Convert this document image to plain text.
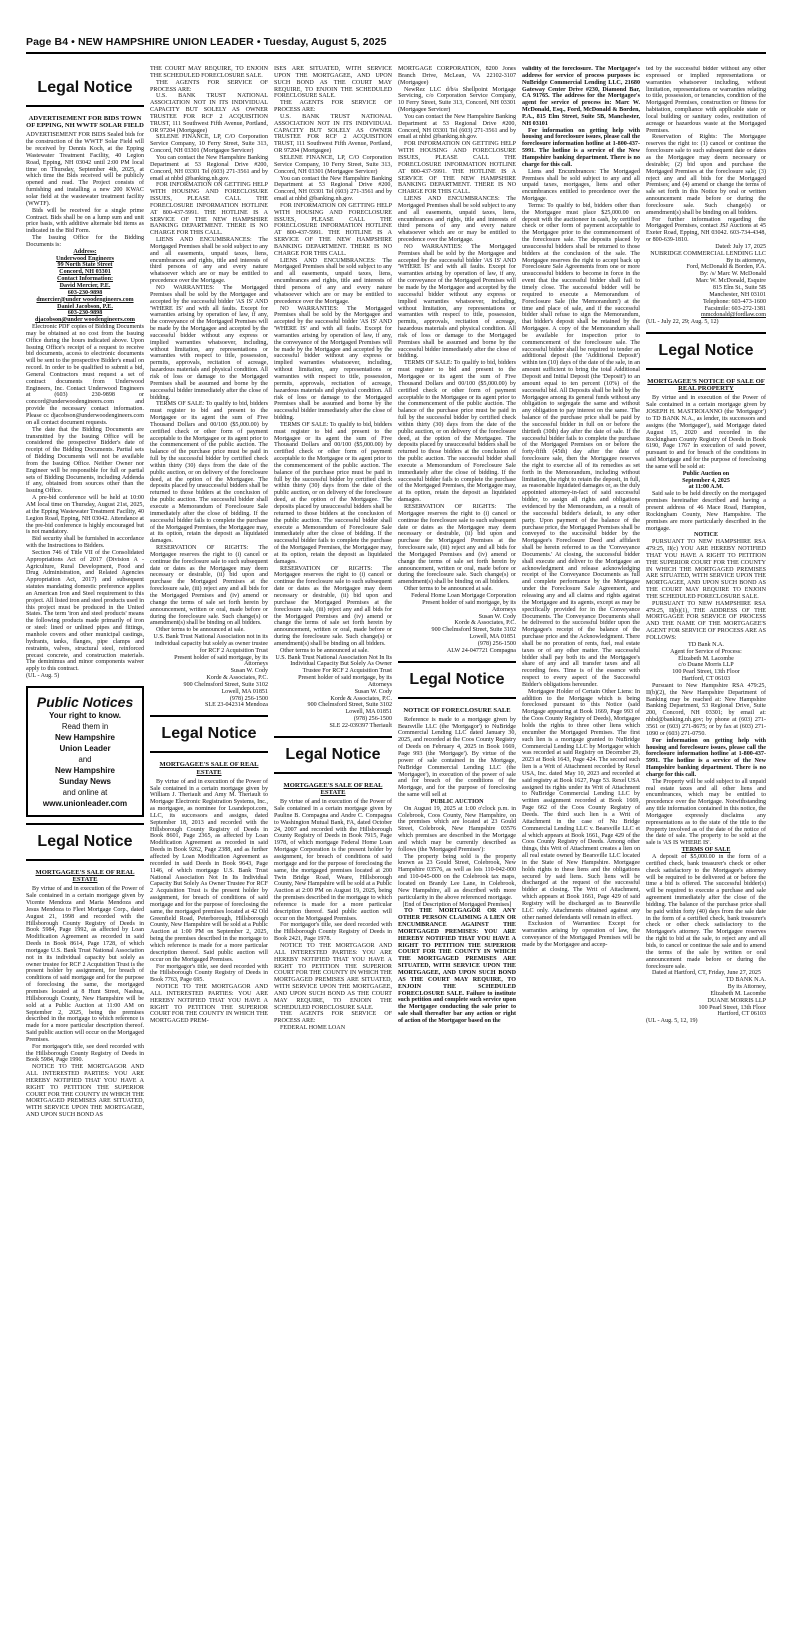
Page B4 • NEW HAMPSHIRE UNION LEADER • Tuesday, August 5, 2025
Legal Notice
ADVERTISEMENT FOR BIDS TOWN OF EPPING, NH WWTF SOLAR FIELD

ADVERTISEMENT FOR BIDS Sealed bids for the construction of the WWTF Solar Field will be received by Dennis Koch, at the Epping Wastewater Treatment Facility, 40 Legion Road, Epping, NH 03042 until 2:00 PM local time on Thursday, September 4th, 2025, at which time the Bids received will be publicly opened and read. The Project consists of furnishing and installing a new 200 KWAC solar field at the wastewater treatment facility (WWTF).

Bids will be received for a single prime Contract. Bids shall be on a lump sum and unit price basis, with additive alternate bid items as indicated in the Bid Form.

The Issuing Office for the Bidding Documents is:

Address:
Underwood Engineers
99 North State Street
Concord, NH 03301
Contact Information:
David Mercier, P.E.
603-230-9898
dmercier@under woodengineers.com
Daniel Jacobson, P.E.
603-230-9898
djacobson@under woodengineers.com

Electronic PDF copies of Bidding Documents may be obtained at no cost from the Issuing Office during the hours indicated above. Upon Issuing Office's receipt of a request to receive bid documents, access to electronic documents will be sent to the prospective Bidder's email on record. In order to be qualified to submit a bid, General Contractors must request a set of contract documents from Underwood Engineers, Inc. Contact Underwood Engineers at (603) 230-9898 or concord@underwoodengineers.com and provide the necessary contact information. Please cc djacobson@underwoodengineers.com on all contact document requests.

The date that the Bidding Documents are transmitted by the Issuing Office will be considered the prospective Bidder's date of receipt of the Bidding Documents. Partial sets of Bidding Documents will not be available from the Issuing Office. Neither Owner nor Engineer will be responsible for full or partial sets of Bidding Documents, including Addenda if any, obtained from sources other than the Issuing Office.

A pre-bid conference will be held at 10:00 AM local time on Thursday, August 21st, 2025, at the Epping Wastewater Treatment Facility, 40 Legion Road, Epping, NH 03042. Attendance at the pre-bid conference is highly encouraged but is not mandatory.

Bid security shall be furnished in accordance with the Instructions to Bidders.

Section 746 of Title VII of the Consolidated Appropriations Act of 2017 (Division A - Agriculture, Rural Development, Food and Drug Administration, and Related Agencies Appropriation Act, 2017) and subsequent statutes mandating domestic preference applies an American Iron and Steel requirement to this project. All listed iron and steel products used in this project must be produced in the United States. The term 'iron and steel products' means the following products made primarily of iron or steel: lined or unlined pipes and fittings, manhole covers and other municipal castings, hydrants, tanks, flanges, pipe clamps and restraints, valves, structural steel, reinforced precast concrete, and construction materials. The deminimus and minor components waiver apply to this contract.

(UL - Aug. 5)
Public Notices
Your right to know.
Read them in
New Hampshire
Union Leader
and
New Hampshire
Sunday News
and online at
www.unionleader.com
Legal Notice
MORTGAGEE'S SALE OF REAL ESTATE

By virtue of and in execution of the Power of Sale contained in a certain mortgage given by Vicente Mendoza and Maria Mendoza and Jesus Mendoza to Fleet Mortgage Corp., dated August 21, 1998 and recorded with the Hillsborough County Registry of Deeds in Book 5984, Page 1992, as affected by Loan Modification Agreement as recorded in said Deeds in Book 8614, Page 1728, of which mortgage U.S. Bank Trust National Association not in its individual capacity but solely as owner trustee for RCF 2 Acquisition Trust is the present holder by assignment, for breach of conditions of said mortgage and for the purpose of foreclosing the same, the mortgaged premises located at 8 Hunt Street, Nashua, Hillsborough County, New Hampshire will be sold at a Public Auction at 11:00 AM on September 2, 2025, being the premises described in the mortgage to which reference is made for a more particular description thereof. Said public auction will occur on the Mortgaged Premises.

For mortgagor's title, see deed recorded with the Hillsborough County Registry of Deeds in Book 5984, Page 1990.

NOTICE TO THE MORTGAGOR AND ALL INTERESTED PARTIES: YOU ARE HEREBY NOTIFIED THAT YOU HAVE A RIGHT TO PETITION THE SUPERIOR COURT FOR THE COUNTY IN WHICH THE MORTGAGED PREMISES ARE SITUATED, WITH SERVICE UPON THE MORTGAGEE, AND UPON SUCH BOND AS

THE COURT MAY REQUIRE, TO ENJOIN THE SCHEDULED FORECLOSURE SALE.

THE AGENTS FOR SERVICE OF PROCESS ARE:

U.S. BANK TRUST NATIONAL ASSOCIATION NOT IN ITS INDIVIDUAL CAPACITY BUT SOLELY AS OWNER TRUSTEE FOR RCF 2 ACQUISITION TRUST, 111 Southwest Fifth Avenue, Portland, OR 97204 (Mortgagee)

SELENE FINANCE, LP, C/O Corporation Service Company, 10 Ferry Street, Suite 313, Concord, NH 03301 (Mortgagee Servicer)

You can contact the New Hampshire Banking Department at 53 Regional Drive #200, Concord, NH 03301 Tel (603) 271-3561 and by email at nhbd @banking.nh.gov.

FOR INFORMATION ON GETTING HELP WITH HOUSING AND FORECLOSURE ISSUES, PLEASE CALL THE FORECLOSURE INFORMATION HOTLINE AT 800-437-5991. THE HOTLINE IS A SERVICE OF THE NEW HAMPSHIRE BANKING DEPARTMENT. THERE IS NO CHARGE FOR THIS CALL.

LIENS AND ENCUMBRANCES: The Mortgaged Premises shall be sold subject to any and all easements, unpaid taxes, liens, encumbrances and rights, title and interests of third persons of any and every nature whatsoever which are or may be entitled to precedence over the Mortgage.

NO WARRANTIES: The Mortgaged Premises shall be sold by the Mortgagee and accepted by the successful bidder 'AS IS' AND 'WHERE IS' and with all faults. Except for warranties arising by operation of law, if any, the conveyance of the Mortgaged Premises will be made by the Mortgagee and accepted by the successful bidder without any express or implied warranties whatsoever, including, without limitation, any representations or warranties with respect to title, possession, permits, approvals, recitation of acreage, hazardous materials and physical condition. All risk of loss or damage to the Mortgaged Premises shall be assumed and borne by the successful bidder immediately after the close of bidding.

TERMS OF SALE: To qualify to bid, bidders must register to bid and present to the Mortgagee or its agent the sum of Five Thousand Dollars and 00/100 ($5,000.00) by certified check or other form of payment acceptable to the Mortgagee or its agent prior to the commencement of the public auction. The balance of the purchase price must be paid in full by the successful bidder by certified check within thirty (30) days from the date of the public auction, or on delivery of the foreclosure deed, at the option of the Mortgagee. The deposits placed by unsuccessful bidders shall be returned to those bidders at the conclusion of the public auction. The successful bidder shall execute a Memorandum of Foreclosure Sale immediately after the close of bidding. If the successful bidder fails to complete the purchase of the Mortgaged Premises, the Mortgagee may, at its option, retain the deposit as liquidated damages.

RESERVATION OF RIGHTS: The Mortgagee reserves the right to (i) cancel or continue the foreclosure sale to such subsequent date or dates as the Mortgagee may deem necessary or desirable, (ii) bid upon and purchase the Mortgaged Premises at the foreclosure sale, (iii) reject any and all bids for the Mortgaged Premises and (iv) amend or change the terms of sale set forth herein by announcement, written or oral, made before or during the foreclosure sale. Such change(s) or amendment(s) shall be binding on all bidders.

Other terms to be announced at sale.

U.S. Bank Trust National Association not in its individual capacity but solely as owner trustee for RCF 2 Acquisition Trust
Present holder of said mortgage, by its Attorneys
Susan W. Cody
Korde & Associates, P.C.
900 Chelmsford Street, Suite 3102
Lowell, MA 01851
(978) 256-1500
SLE 23-042314 Mendoza
Legal Notice
MORTGAGEE'S SALE OF REAL ESTATE

By virtue of and in execution of the Power of Sale contained in a certain mortgage given by William J. Theriault and Amy M. Theriault to Mortgage Electronic Registration Systems, Inc., as mortgagee, as nominee for Loandepot.com, LLC, its successors and assigns, dated September 18, 2013 and recorded with the Hillsborough County Registry of Deeds in Book 8601, Page 2365, as affected by Loan Modification Agreement as recorded in said Deeds in Book 9262, Page 2388, and as further affected by Loan Modification Agreement as recorded in said Deeds in Book 9643, Page 1146, of which mortgage U.S. Bank Trust National Association Not In Its Individual Capacity But Solely As Owner Trustee For RCF 2 Acquisition Trust is the present holder by assignment, for breach of conditions of said mortgage and for the purpose of foreclosing the same, the mortgaged premises located at 42 Old Greenfield Road, Peterborough, Hillsborough County, New Hampshire will be sold at a Public Auction at 1:00 PM on September 2, 2025, being the premises described in the mortgage to which reference is made for a more particular description thereof. Said public auction will occur on the Mortgaged Premises.

For mortgagor's title, see deed recorded with the Hillsborough County Registry of Deeds in Book 7763, Page 695.

NOTICE TO THE MORTGAGOR AND ALL INTERESTED PARTIES: YOU ARE HEREBY NOTIFIED THAT YOU HAVE A RIGHT TO PETITION THE SUPERIOR COURT FOR THE COUNTY IN WHICH THE MORTGAGED PREM-

ISES ARE SITUATED, WITH SERVICE UPON THE MORTGAGEE, AND UPON SUCH BOND AS THE COURT MAY REQUIRE, TO ENJOIN THE SCHEDULED FORECLOSURE SALE.

THE AGENTS FOR SERVICE OF PROCESS ARE:

U.S. BANK TRUST NATIONAL ASSOCIATION NOT IN ITS INDIVIDUAL CAPACITY BUT SOLELY AS OWNER TRUSTEE FOR RCF 2 ACQUISITION TRUST, 111 Southwest Fifth Avenue, Portland, OR 97204 (Mortgagee)

SELENE FINANCE, LP, C/O Corporation Service Company, 10 Ferry Street, Suite 313, Concord, NH 03301 (Mortgagee Servicer)

You can contact the New Hampshire Banking Department at 53 Regional Drive #200, Concord, NH 03301 Tel (603) 271-3561 and by email at nhbd @banking.nh.gov.

FOR INFORMATION ON GETTING HELP WITH HOUSING AND FORECLOSURE ISSUES, PLEASE CALL THE FORECLOSURE INFORMATION HOTLINE AT 800-437-5991. THE HOTLINE IS A SERVICE OF THE NEW HAMPSHIRE BANKING DEPARTMENT. THERE IS NO CHARGE FOR THIS CALL.

LIENS AND ENCUMBRANCES: The Mortgaged Premises shall be sold subject to any and all easements, unpaid taxes, liens, encumbrances and rights, title and interests of third persons of any and every nature whatsoever which are or may be entitled to precedence over the Mortgage.

NO WARRANTIES: The Mortgaged Premises shall be sold by the Mortgagee and accepted by the successful bidder 'AS IS' AND 'WHERE IS' and with all faults. Except for warranties arising by operation of law, if any, the conveyance of the Mortgaged Premises will be made by the Mortgagee and accepted by the successful bidder without any express or implied warranties whatsoever, including, without limitation, any representations or warranties with respect to title, possession, permits, approvals, recitation of acreage, hazardous materials and physical condition. All risk of loss or damage to the Mortgaged Premises shall be assumed and borne by the successful bidder immediately after the close of bidding.

TERMS OF SALE: To qualify to bid, bidders must register to bid and present to the Mortgagee or its agent the sum of Five Thousand Dollars and 00/100 ($5,000.00) by certified check or other form of payment acceptable to the Mortgagee or its agent prior to the commencement of the public auction. The balance of the purchase price must be paid in full by the successful bidder by certified check within thirty (30) days from the date of the public auction, or on delivery of the foreclosure deed, at the option of the Mortgagee. The deposits placed by unsuccessful bidders shall be returned to those bidders at the conclusion of the public auction. The successful bidder shall execute a Memorandum of Foreclosure Sale immediately after the close of bidding. If the successful bidder fails to complete the purchase of the Mortgaged Premises, the Mortgagee may, at its option, retain the deposit as liquidated damages.

RESERVATION OF RIGHTS: The Mortgagee reserves the right to (i) cancel or continue the foreclosure sale to such subsequent date or dates as the Mortgagee may deem necessary or desirable, (ii) bid upon and purchase the Mortgaged Premises at the foreclosure sale, (iii) reject any and all bids for the Mortgaged Premises and (iv) amend or change the terms of sale set forth herein by announcement, written or oral, made before or during the foreclosure sale. Such change(s) or amendment(s) shall be binding on all bidders.

Other terms to be announced at sale.

U.S. Bank Trust National Association Not In Its Individual Capacity But Solely As Owner Trustee For RCF 2 Acquisition Trust
Present holder of said mortgage, by its Attorneys
Susan W. Cody
Korde & Associates, P.C.
900 Chelmsford Street, Suite 3102
Lowell, MA 01851
(978) 256-1500
SLE 22-039397 Theriault
Legal Notice
MORTGAGEE'S SALE OF REAL ESTATE

By virtue of and in execution of the Power of Sale contained in a certain mortgage given by Pauline B. Compagna and Andre C. Compagna to Washington Mutual Bank, FA, dated October 24, 2007 and recorded with the Hillsborough County Registry of Deeds in Book 7915, Page 1978, of which mortgage Federal Home Loan Mortgage Corporation is the present holder by assignment, for breach of conditions of said mortgage and for the purpose of foreclosing the same, the mortgaged premises located at 200 Twin Bridge Road, Weare, Hillsborough County, New Hampshire will be sold at a Public Auction at 2:00 PM on August 19, 2025, being the premises described in the mortgage to which reference is made for a more particular description thereof. Said public auction will occur on the Mortgaged Premises.

For mortgagor's title, see deed recorded with the Hillsborough County Registry of Deeds in Book 2421, Page 1978.

NOTICE TO THE MORTGAGOR AND ALL INTERESTED PARTIES: YOU ARE HEREBY NOTIFIED THAT YOU HAVE A RIGHT TO PETITION THE SUPERIOR COURT FOR THE COUNTY IN WHICH THE MORTGAGED PREMISES ARE SITUATED, WITH SERVICE UPON THE MORTGAGEE, AND UPON SUCH BOND AS THE COURT MAY REQUIRE, TO ENJOIN THE SCHEDULED FORECLOSURE SALE.

THE AGENTS FOR SERVICE OF PROCESS ARE:

FEDERAL HOME LOAN

MORTGAGE CORPORATION, 8200 Jones Branch Drive, McLean, VA 22102-3107 (Mortgagee)

NewRez LLC d/b/a Shellpoint Mortgage Servicing, c/o Corporation Service Company, 10 Ferry Street, Suite 313, Concord, NH 03301 (Mortgagee Servicer)

You can contact the New Hampshire Banking Department at 53 Regional Drive #200, Concord, NH 03301 Tel (603) 271-3561 and by email at nhbd @banking.nh.gov.

FOR INFORMATION ON GETTING HELP WITH HOUSING AND FORECLOSURE ISSUES, PLEASE CALL THE FORECLOSURE INFORMATION HOTLINE AT 800-437-5991. THE HOTLINE IS A SERVICE OF THE NEW HAMPSHIRE BANKING DEPARTMENT. THERE IS NO CHARGE FOR THIS CALL.

LIENS AND ENCUMBRANCES: The Mortgaged Premises shall be sold subject to any and all easements, unpaid taxes, liens, encumbrances and rights, title and interests of third persons of any and every nature whatsoever which are or may be entitled to precedence over the Mortgage.

NO WARRANTIES: The Mortgaged Premises shall be sold by the Mortgagee and accepted by the successful bidder 'AS IS' AND 'WHERE IS' and with all faults. Except for warranties arising by operation of law, if any, the conveyance of the Mortgaged Premises will be made by the Mortgagee and accepted by the successful bidder without any express or implied warranties whatsoever, including, without limitation, any representations or warranties with respect to title, possession, permits, approvals, recitation of acreage, hazardous materials and physical condition. All risk of loss or damage to the Mortgaged Premises shall be assumed and borne by the successful bidder immediately after the close of bidding.

TERMS OF SALE: To qualify to bid, bidders must register to bid and present to the Mortgagee or its agent the sum of Five Thousand Dollars and 00/100 ($5,000.00) by certified check or other form of payment acceptable to the Mortgagee or its agent prior to the commencement of the public auction. The balance of the purchase price must be paid in full by the successful bidder by certified check within thirty (30) days from the date of the public auction, or on delivery of the foreclosure deed, at the option of the Mortgagee. The deposits placed by unsuccessful bidders shall be returned to those bidders at the conclusion of the public auction. The successful bidder shall execute a Memorandum of Foreclosure Sale immediately after the close of bidding. If the successful bidder fails to complete the purchase of the Mortgaged Premises, the Mortgagee may, at its option, retain the deposit as liquidated damages.

RESERVATION OF RIGHTS: The Mortgagee reserves the right to (i) cancel or continue the foreclosure sale to such subsequent date or dates as the Mortgagee may deem necessary or desirable, (ii) bid upon and purchase the Mortgaged Premises at the foreclosure sale, (iii) reject any and all bids for the Mortgaged Premises and (iv) amend or change the terms of sale set forth herein by announcement, written or oral, made before or during the foreclosure sale. Such change(s) or amendment(s) shall be binding on all bidders.

Other terms to be announced at sale.

Federal Home Loan Mortgage Corporation
Present holder of said mortgage, by its Attorneys
Susan W. Cody
Korde & Associates, P.C.
900 Chelmsford Street, Suite 3102
Lowell, MA 01851
(978) 256-1500
ALW 24-047721 Compagna
Legal Notice
NOTICE OF FORECLOSURE SALE

Reference is made to a mortgage given by Bearsville LLC (the 'Mortgagor') to NuBridge Commercial Lending LLC dated January 30, 2025, and recorded at the Coos County Registry of Deeds on February 4, 2025 in Book 1669, Page 993 (the 'Mortgage'). By virtue of the power of sale contained in the Mortgage, NuBridge Commercial Lending LLC (the 'Mortgagee'), in execution of the power of sale and for breach of the conditions of the Mortgage, and for the purpose of foreclosing the same will sell at

PUBLIC AUCTION

On August 19, 2025 at 1:00 o'clock p.m. in Colebrook, Coos County, New Hampshire, on the premises which are located at 23 Gould Street, Colebrook, New Hampshire 03576 which premises are described in the Mortgage and which may be currently described as follows (the 'Mortgaged Premises'):

The property being sold is the property known as 23 Gould Street, Colebrook, New Hampshire 03576, as well as lots 110-042-000 and 110-045-000 on the Colebrook tax maps, located on Brandy Lee Lane, in Colebrook, New Hampshire, all as described with more particularity in the above referenced mortgage.

[End of Description of Mortgaged Premises]

TO THE MORTGAGOR OR ANY OTHER PERSON CLAIMING A LIEN OR ENCUMBRANCE AGAINST THE MORTGAGED PREMISES: YOU ARE HEREBY NOTIFIED THAT YOU HAVE A RIGHT TO PETITION THE SUPERIOR COURT FOR THE COUNTY IN WHICH THE MORTGAGED PREMISES ARE SITUATED, WITH SERVICE UPON THE MORTGAGEE, AND UPON SUCH BOND AS THE COURT MAY REQUIRE, TO ENJOIN THE SCHEDULED FORECLOSURE SALE. Failure to institute such petition and complete such service upon the Mortgagee conducting the sale prior to sale shall thereafter bar any action or right of action of the Mortgagor based on the

validity of the foreclosure. The Mortgagee's address for service of process purposes is: NuBridge Commercial Lending LLC, 21680 Gateway Center Drive #230, Diamond Bar, CA 91765. The address for the Mortgagee's agent for service of process in: Marc W. McDonald, Esq., Ford, McDonald & Borden, P.A., 815 Elm Street, Suite 5B, Manchester, NH 03101

For information on getting help with housing and foreclosure issues, please call the foreclosure information hotline at 1-800-437-5991. The hotline is a service of the New Hampshire banking department. There is no charge for this call.

Liens and Encumbrances: The Mortgaged Premises shall be sold subject to any and all unpaid taxes, mortgages, liens and other encumbrances entitled to precedence over the Mortgage.

Terms: To qualify to bid, bidders other than the Mortgagee must place $25,000.00 on deposit with the auctioneer in cash, by certified check or other form of payment acceptable to the Mortgagee prior to the commencement of the foreclosure sale. The deposits placed by unsuccessful bidders shall be returned to those bidders at the conclusion of the sale. The Mortgagee reserves the right to accept back up Foreclosure Sale Agreements from one or more unsuccessful bidders to become in force in the event that the successful bidder shall fail to timely close. The successful bidder will be required to execute a Memorandum of Foreclosure Sale (the 'Memorandum') at the time and place of sale, and if the successful bidder shall refuse to sign the Memorandum, that bidder's deposit shall be retained by the Mortgagee. A copy of the Memorandum shall be available for inspection prior to commencement of the foreclosure sale. The successful bidder shall be required to tender an additional deposit (the 'Additional Deposit') within ten (10) days of the date of the sale, in an amount sufficient to bring the total Additional Deposit and Initial Deposit (the 'Deposit') to an amount equal to ten percent (10%) of the successful bid. All Deposits shall be held by the Mortgagee among its general funds without any obligation to segregate the same and without any obligation to pay interest on the same. The balance of the purchase price shall be paid by the successful bidder in full on or before the thirtieth (30th) day after the date of sale. If the successful bidder fails to complete the purchase of the Mortgaged Premises on or before the forty-fifth (45th) day after the date of foreclosure sale, then the Mortgagee reserves the right to exercise all of its remedies as set forth in the Memorandum, including without limitation, the right to retain the deposit, in full, as reasonable liquidated damages or, as the duly appointed attorney-in-fact of said successful bidder, to assign all rights and obligations evidenced by the Memorandum, as a result of the successful bidder's default, to any other party. Upon payment of the balance of the purchase price, the Mortgaged Premises shall be conveyed to the successful bidder by the Mortgagee's Foreclosure Deed and affidavit shall be herein referred to as the 'Conveyance Documents.' At closing, the successful bidder shall execute and deliver to the Mortgagee an acknowledgment and release acknowledging receipt of the Conveyance Documents as full and complete performance by the Mortgagee under the Foreclosure Sale Agreement, and releasing any and all claims and rights against the Mortgagee and its agents, except as may be specifically provided for in the Conveyance Documents. The Conveyance Documents shall be delivered to the successful bidder upon the Mortgagee's receipt of the balance of the purchase price and the Acknowledgment. There shall be no proration of rents, fuel, real estate taxes or of any other matter. The successful bidder shall pay both its and the Mortgagee's share of any and all transfer taxes and all recording fees. Time is of the essence with respect to every aspect of the Successful Bidder's obligations hereunder.

Mortgagee Holder of Certain Other Liens: In addition to the Mortgage which is being foreclosed pursuant to this Notice (said Mortgage appearing at Book 1669, Page 993 of the Coos County Registry of Deeds), Mortgagee holds the rights to three other liens which encumber the Mortgaged Premises. The first such lien is a mortgage granted to NuBridge Commercial Lending LLC by Mortgagor which was recorded at said Registry on December 29, 2023 at Book 1643, Page 424. The second such lien is a Writ of Attachment recorded by Rexel USA, Inc. dated May 10, 2023 and recorded at said registry at Book 1627, Page 53. Rexel USA assigned its rights under its Writ of Attachment to NuBridge Commercial Lending LLC by written assignment recorded at Book 1669, Page 662 of the Coos County Registry of Deeds. The third such lien is a Writ of Attachment in the case of Nu Bridge Commercial Lending LLC v. Bearsville LLC et al which appears at Book 1661, Page 429 of the Coos County Registry of Deeds. Among other things, this Writ of Attachment creates a lien on all real estate owned by Bearsville LLC located in the State of New Hampshire. Mortgagee holds rights to these liens and the obligations secured by said liens. Such liens will be discharged at the request of the successful bidder at closing. The Writ of Attachment, which appears at Book 1661, Page 429 of said Registry will be discharged as to Bearsville LLC only. Attachments obtained against any other named defendants will remain in effect.

Exclusion of Warranties: Except for warranties arising by operation of law, the conveyance of the Mortgaged Premises will be made by the Mortgagee and accep-

ted by the successful bidder without any other expressed or implied representations or warranties whatsoever including, without limitation, representations or warranties relating to title, possession, or tenancies, condition of the Mortgaged Premises, construction or fitness for habitation, compliance with applicable state or local building or sanitary codes, restitution of acreage or hazardous waste at the Mortgaged Premises.

Reservation of Rights: The Mortgagee reserves the right to: (1) cancel or continue the foreclosure sale to such subsequent date or dates as the Mortgagee may deem necessary or desirable; (2) bid upon and purchase the Mortgaged Premises at the foreclosure sale; (3) reject any and all bids for the Mortgaged Premises; and (4) amend or change the terms of sale set forth in this Notice by oral or written announcement made before or during the foreclosure sale. Such change(s) or amendment(s) shall be binding on all bidders.

For further information regarding the Mortgaged Premises, contact JSJ Auctions at 45 Exeter Road, Epping, NH 03042. 603-734-4348, or 800-639-1810.

Dated: July 17, 2025
NUBRIDGE COMMERCIAL LENDING LLC
By its attorneys,
Ford, McDonald & Borden, P.A.
By: /s/ Marc W. McDonald
Marc W. McDonald, Esquire
815 Elm St., Suite 5B
Manchester, NH 03101
Telephone: 603-473-1600
Facsimile: 603-272-1381
mmcdonald@fordlaw.com
(UL - July 22, 29; Aug. 5, 12)
Legal Notice
MORTGAGEE'S NOTICE OF SALE OF REAL PROPERTY

By virtue and in execution of the Power of Sale contained in a certain mortgage given by JOSEPH H. MASTROIANNO (the 'Mortgagor') to TD BANK N.A., as lender, its successors and assigns (the 'Mortgagee'), said Mortgage dated August 15, 2020 and recorded in the Rockingham County Registry of Deeds in Book 6190, Page 1767 in execution of said power, pursuant to and for breach of the conditions in said Mortgage and for the purpose of foreclosing the same will be sold at:

Public Auction on
September 4, 2025
at 11:00 A.M.

Said sale to be held directly on the mortgaged premises hereinafter described and having a present address of 46 Mace Road, Hampton, Rockingham County, New Hampshire. The premises are more particularly described in the mortgage.

NOTICE

PURSUANT TO NEW HAMPSHIRE RSA 479:25, II(c) YOU ARE HEREBY NOTIFIED THAT YOU HAVE A RIGHT TO PETITION THE SUPERIOR COURT FOR THE COUNTY IN WHICH THE MORTGAGED PREMISES ARE SITUATED, WITH SERVICE UPON THE MORTGAGEE, AND UPON SUCH BOND AS THE COURT MAY REQUIRE TO ENJOIN THE SCHEDULED FORECLOSURE SALE.

PURSUANT TO NEW HAMPSHIRE RSA 479:25, II(b)(1), THE ADDRESS OF THE MORTGAGEE FOR SERVICE OF PROCESS AND THE NAME OF THE MORTGAGEE'S AGENT FOR SERVICE OF PROCESS ARE AS FOLLOWS:

TD Bank N.A.
Agent for Service of Process:
Elizabeth M. Lacombe
c/o Duane Morris LLP
100 Pearl Street, 13th Floor
Hartford, CT 06103

Pursuant to New Hampshire RSA 479:25, II(b)(2), the New Hampshire Department of Banking may be reached at: New Hampshire Banking Department, 53 Regional Drive, Suite 200, Concord, NH 03301; by email at: nhbd@banking.nh.gov; by phone at (603) 271-3561 or (603) 271-8675; or by fax at (603) 271-1090 or (603) 271-0750.

For information on getting help with housing and foreclosure issues, please call the foreclosure information hotline at 1-800-437-5991. The hotline is a service of the New Hampshire banking department. There is no charge for this call.

The Property will be sold subject to all unpaid real estate taxes and all other liens and encumbrances, which may be entitled to precedence over the Mortgage. Notwithstanding any title information contained in this notice, the Mortgagee expressly disclaims any representations as to the state of the title to the Property involved as of the date of the notice of the date of sale. The property to be sold at the sale is 'AS IS WHERE IS'.

TERMS OF SALE

A deposit of $5,000.00 in the form of a certified check, bank treasurer's check or other check satisfactory to the Mortgagee's attorney will be required to be delivered at or before the time a bid is offered. The successful bidder(s) will be required to execute a purchase and sale agreement immediately after the close of the bidding. The balance of the purchase price shall be paid within forty (40) days from the sale date in the form of a certified check, bank treasurer's check or other check satisfactory to the Mortgagee's attorney. The Mortgagee reserves the right to bid at the sale, to reject any and all bids, to cancel or continue the sale and to amend the terms of the sale by written or oral announcement made before or during the foreclosure sale.

Dated at Hartford, CT, Friday, June 27, 2025

TD BANK N.A.
By its Attorney,
Elizabeth M. Lacombe
DUANE MORRIS LLP
100 Pearl Street, 13th Floor
Hartford, CT 06103
(UL - Aug. 5, 12, 19)
